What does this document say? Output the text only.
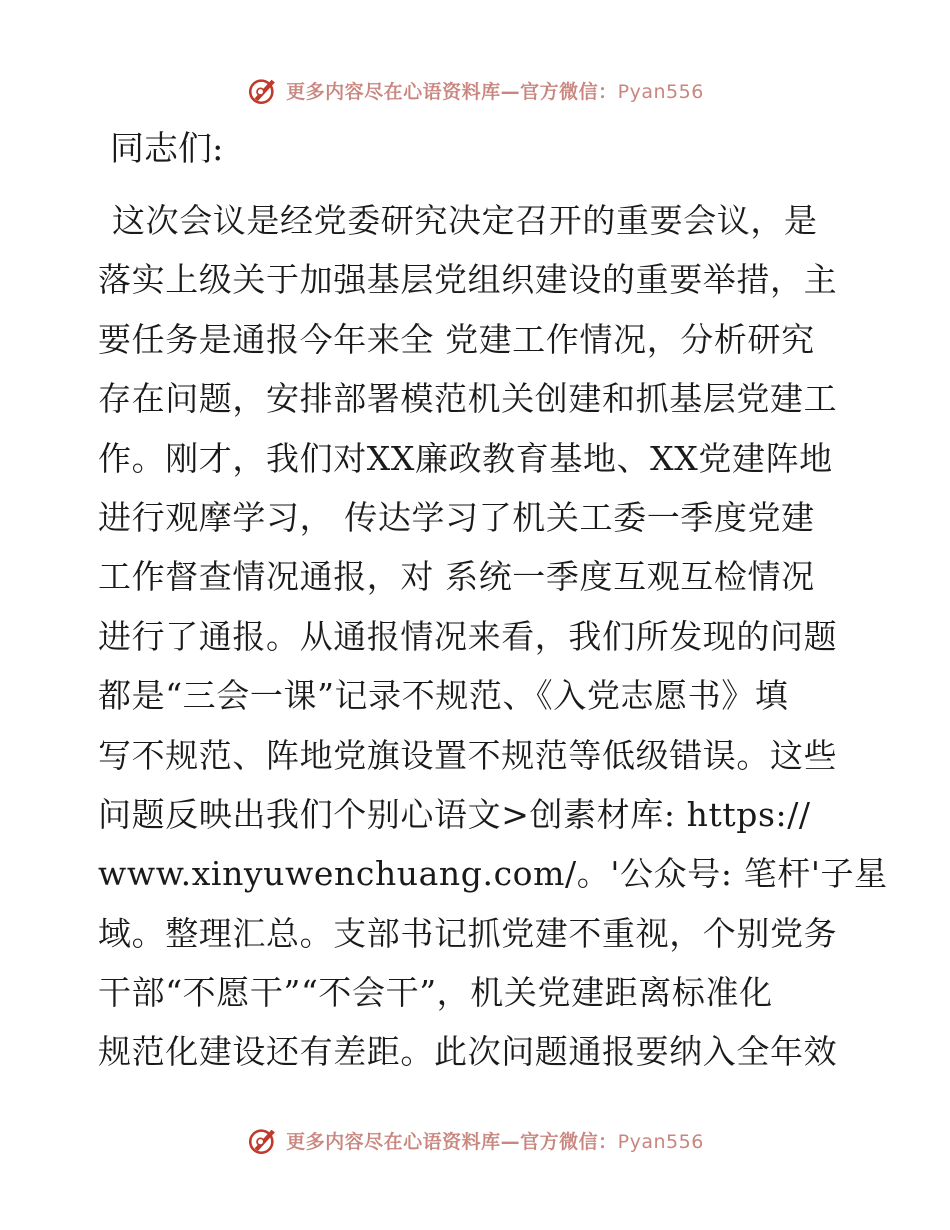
更多内容尽在心语资料库—官方微信：Pyan556
同志们:
这次会议是经党委研究决定召开的重要会议，是
落实上级关于加强基层党组织建设的重要举措，主
要任务是通报今年来全 党建工作情况，分析研究
存在问题，安排部署模范机关创建和抓基层党建工
作。刚才，我们对XX廉政教育基地、XX党建阵地
进行观摩学习， 传达学习了机关工委一季度党建
工作督查情况通报，对 系统一季度互观互检情况
进行了通报。从通报情况来看，我们所发现的问题
都是“三会一课”记录不规范、《入党志愿书》填
写不规范、阵地党旗设置不规范等低级错误。这些
问题反映出我们个别心语文>创素材库: https://
www.xinyuwenchuang.com/。'公众号: 笔杆'子星
域。整理汇总。支部书记抓党建不重视，个别党务
干部“不愿干”“不会干”，机关党建距离标准化
规范化建设还有差距。此次问题通报要纳入全年效
更多内容尽在心语资料库—官方微信：Pyan556
